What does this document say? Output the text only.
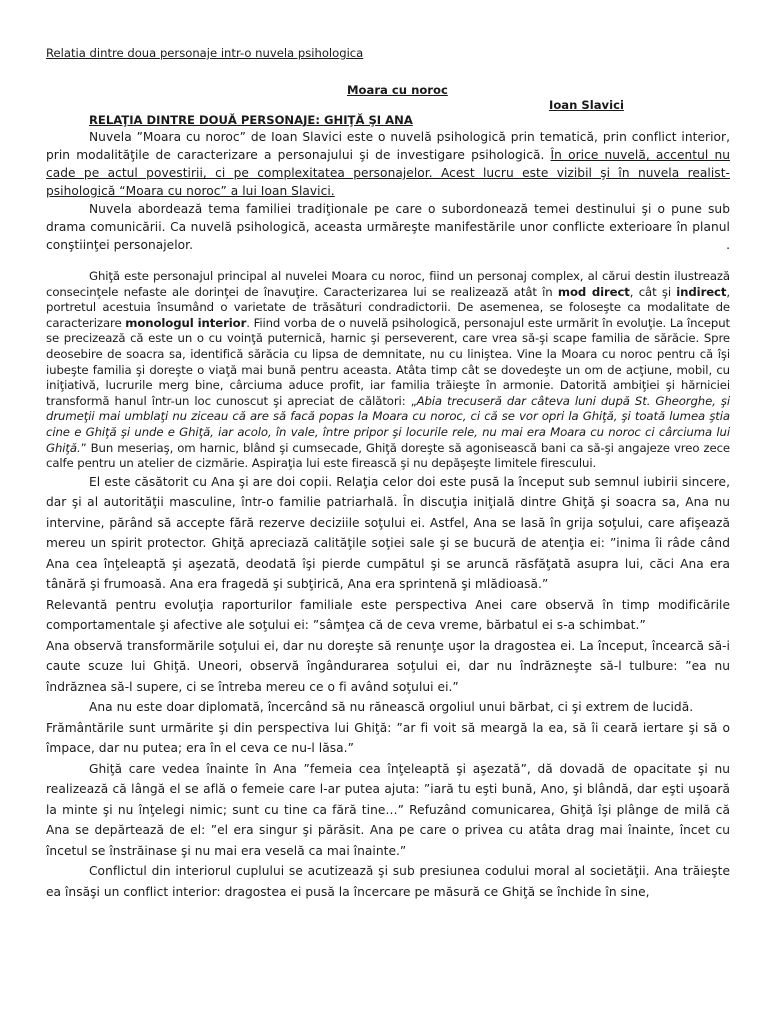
Relatia dintre doua personaje intr-o nuvela psihologica

Moara cu noroc

Ioan Slavici

RELAŢIA DINTRE DOUĂ PERSONAJE: GHIŢĂ ŞI ANA

Nuvela ”Moara cu noroc” de Ioan Slavici este o nuvelă psihologică prin tematică, prin conflict interior, prin modalităţile de caracterizare a personajului şi de investigare psihologică. În orice nuvelă, accentul nu cade pe actul povestirii, ci pe complexitatea personajelor. Acest lucru este vizibil şi în nuvela realist-psihologică “Moara cu noroc” a lui Ioan Slavici.

Nuvela abordează tema familiei tradiţionale pe care o subordonează temei destinului şi o pune sub drama comunicării. Ca nuvelă psihologică, aceasta urmăreşte manifestările unor conflicte exterioare în planul conştiinţei personajelor.	.

Ghiţă este personajul principal al nuvelei Moara cu noroc, fiind un personaj complex, al cărui destin ilustrează consecinţele nefaste ale dorinţei de înavuţire. Caracterizarea lui se realizează atât în mod direct, cât şi indirect, portretul acestuia însumând o varietate de trăsături condradictorii. De asemenea, se foloseşte ca modalitate de caracterizare monologul interior. Fiind vorba de o nuvelă psihologică, personajul este urmărit în evoluţie. La început se precizează că este un o cu voinţă puternică, harnic şi perseverent, care vrea să-şi scape familia de sărăcie. Spre deosebire de soacra sa, identifică sărăcia cu lipsa de demnitate, nu cu liniştea. Vine la Moara cu noroc pentru că îşi iubeşte familia şi doreşte o viaţă mai bună pentru aceasta. Atâta timp cât se dovedeşte un om de acţiune, mobil, cu iniţiativă, lucrurile merg bine, cârciuma aduce profit, iar familia trăieşte în armonie. Datorită ambiţiei şi hărniciei transformă hanul într-un loc cunoscut şi apreciat de călători: „Abia trecuseră dar câteva luni după St. Gheorghe, şi drumeţii mai umblaţi nu ziceau că are să facă popas la Moara cu noroc, ci că se vor opri la Ghiţă, şi toată lumea ştia cine e Ghiţă şi unde e Ghiţă, iar acolo, în vale, între pripor şi locurile rele, nu mai era Moara cu noroc ci cârciuma lui Ghiţă.” Bun meseriaş, om harnic, blând şi cumsecade, Ghiţă doreşte să agonisească bani ca să-şi angajeze vreo zece calfe pentru un atelier de cizmărie. Aspiraţia lui este firească şi nu depăşeşte limitele firescului.

El este căsătorit cu Ana şi are doi copii. Relaţia celor doi este pusă la început sub semnul iubirii sincere, dar şi al autorităţii masculine, într-o familie patriarhală. În discuţia iniţială dintre Ghiţă şi soacra sa, Ana nu intervine, părând să accepte fără rezerve deciziile soţului ei. Astfel, Ana se lasă în grija soţului, care afişează mereu un spirit protector. Ghiţă apreciază calităţile soţiei sale şi se bucură de atenţia ei: ”inima îi râde când Ana cea înţeleaptă şi aşezată, deodată îşi pierde cumpătul şi se aruncă răsfăţată asupra lui, căci Ana era tânără şi frumoasă. Ana era fragedă şi subţirică, Ana era sprintenă şi mlădioasă.”

Relevantă pentru evoluţia raporturilor familiale este perspectiva Anei care observă în timp modificările comportamentale şi afective ale soţului ei: ”sâmţea că de ceva vreme, bărbatul ei s-a schimbat.”

Ana observă transformările soţului ei, dar nu doreşte să renunţe uşor la dragostea ei. La început, încearcă să-i caute scuze lui Ghiţă. Uneori, observă îngândurarea soţului ei, dar nu îndrăzneşte să-l tulbure: ”ea nu îndrăznea să-l supere, ci se întreba mereu ce o fi având soţului ei.”

Ana nu este doar diplomată, încercând să nu rănească orgoliul unui bărbat, ci şi extrem de lucidă.

Frământările sunt urmărite şi din perspectiva lui Ghiţă: ”ar fi voit să meargă la ea, să îi ceară iertare şi să o împace, dar nu putea; era în el ceva ce nu-l lăsa.”

Ghiţă care vedea înainte în Ana ”femeia cea înţeleaptă şi aşezată”, dă dovadă de opacitate şi nu realizează că lângă el se află o femeie care l-ar putea ajuta: ”iară tu eşti bună, Ano, şi blândă, dar eşti uşoară la minte şi nu înţelegi nimic; sunt cu tine ca fără tine…” Refuzând comunicarea, Ghiţă îşi plânge de milă că Ana se depărtează de el: ”el era singur şi părăsit. Ana pe care o privea cu atâta drag mai înainte, încet cu încetul se înstrăinase şi nu mai era veselă ca mai înainte.”

Conflictul din interiorul cuplului se acutizează şi sub presiunea codului moral al societăţii. Ana trăieşte ea însăşi un conflict interior: dragostea ei pusă la încercare pe măsură ce Ghiţă se închide în sine,
